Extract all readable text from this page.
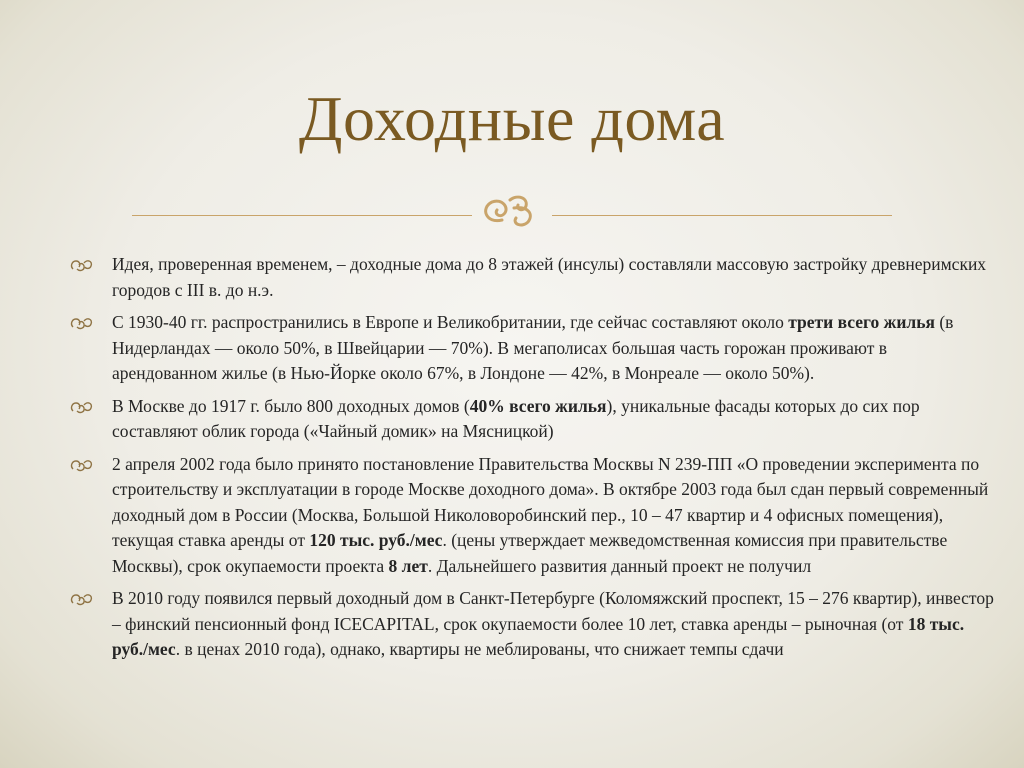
Доходные дома
Идея, проверенная временем, – доходные дома до 8 этажей (инсулы) составляли массовую застройку древнеримских городов с III в. до н.э.
С 1930-40 гг. распространились в Европе и Великобритании, где сейчас составляют около трети всего жилья (в Нидерландах — около 50%, в Швейцарии — 70%). В мегаполисах большая часть горожан проживают в арендованном жилье (в Нью-Йорке около 67%, в Лондоне — 42%, в Монреале — около 50%).
В Москве до 1917 г. было 800 доходных домов (40% всего жилья), уникальные фасады которых до сих пор составляют облик города («Чайный домик» на Мясницкой)
2 апреля 2002 года было принято постановление Правительства Москвы N 239-ПП «О проведении эксперимента по строительству и эксплуатации в городе Москве доходного дома». В октябре 2003 года был сдан первый современный доходный дом в России (Москва, Большой Николоворобинский пер., 10 – 47 квартир и 4 офисных помещения), текущая ставка аренды от 120 тыс. руб./мес. (цены утверждает межведомственная комиссия при правительстве Москвы), срок окупаемости проекта 8 лет. Дальнейшего развития данный проект не получил
В 2010 году появился первый доходный дом в Санкт-Петербурге (Коломяжский проспект, 15 – 276 квартир), инвестор – финский пенсионный фонд ICECAPITAL, срок окупаемости более 10 лет, ставка аренды – рыночная (от 18 тыс. руб./мес. в ценах 2010 года), однако, квартиры не меблированы, что снижает темпы сдачи
